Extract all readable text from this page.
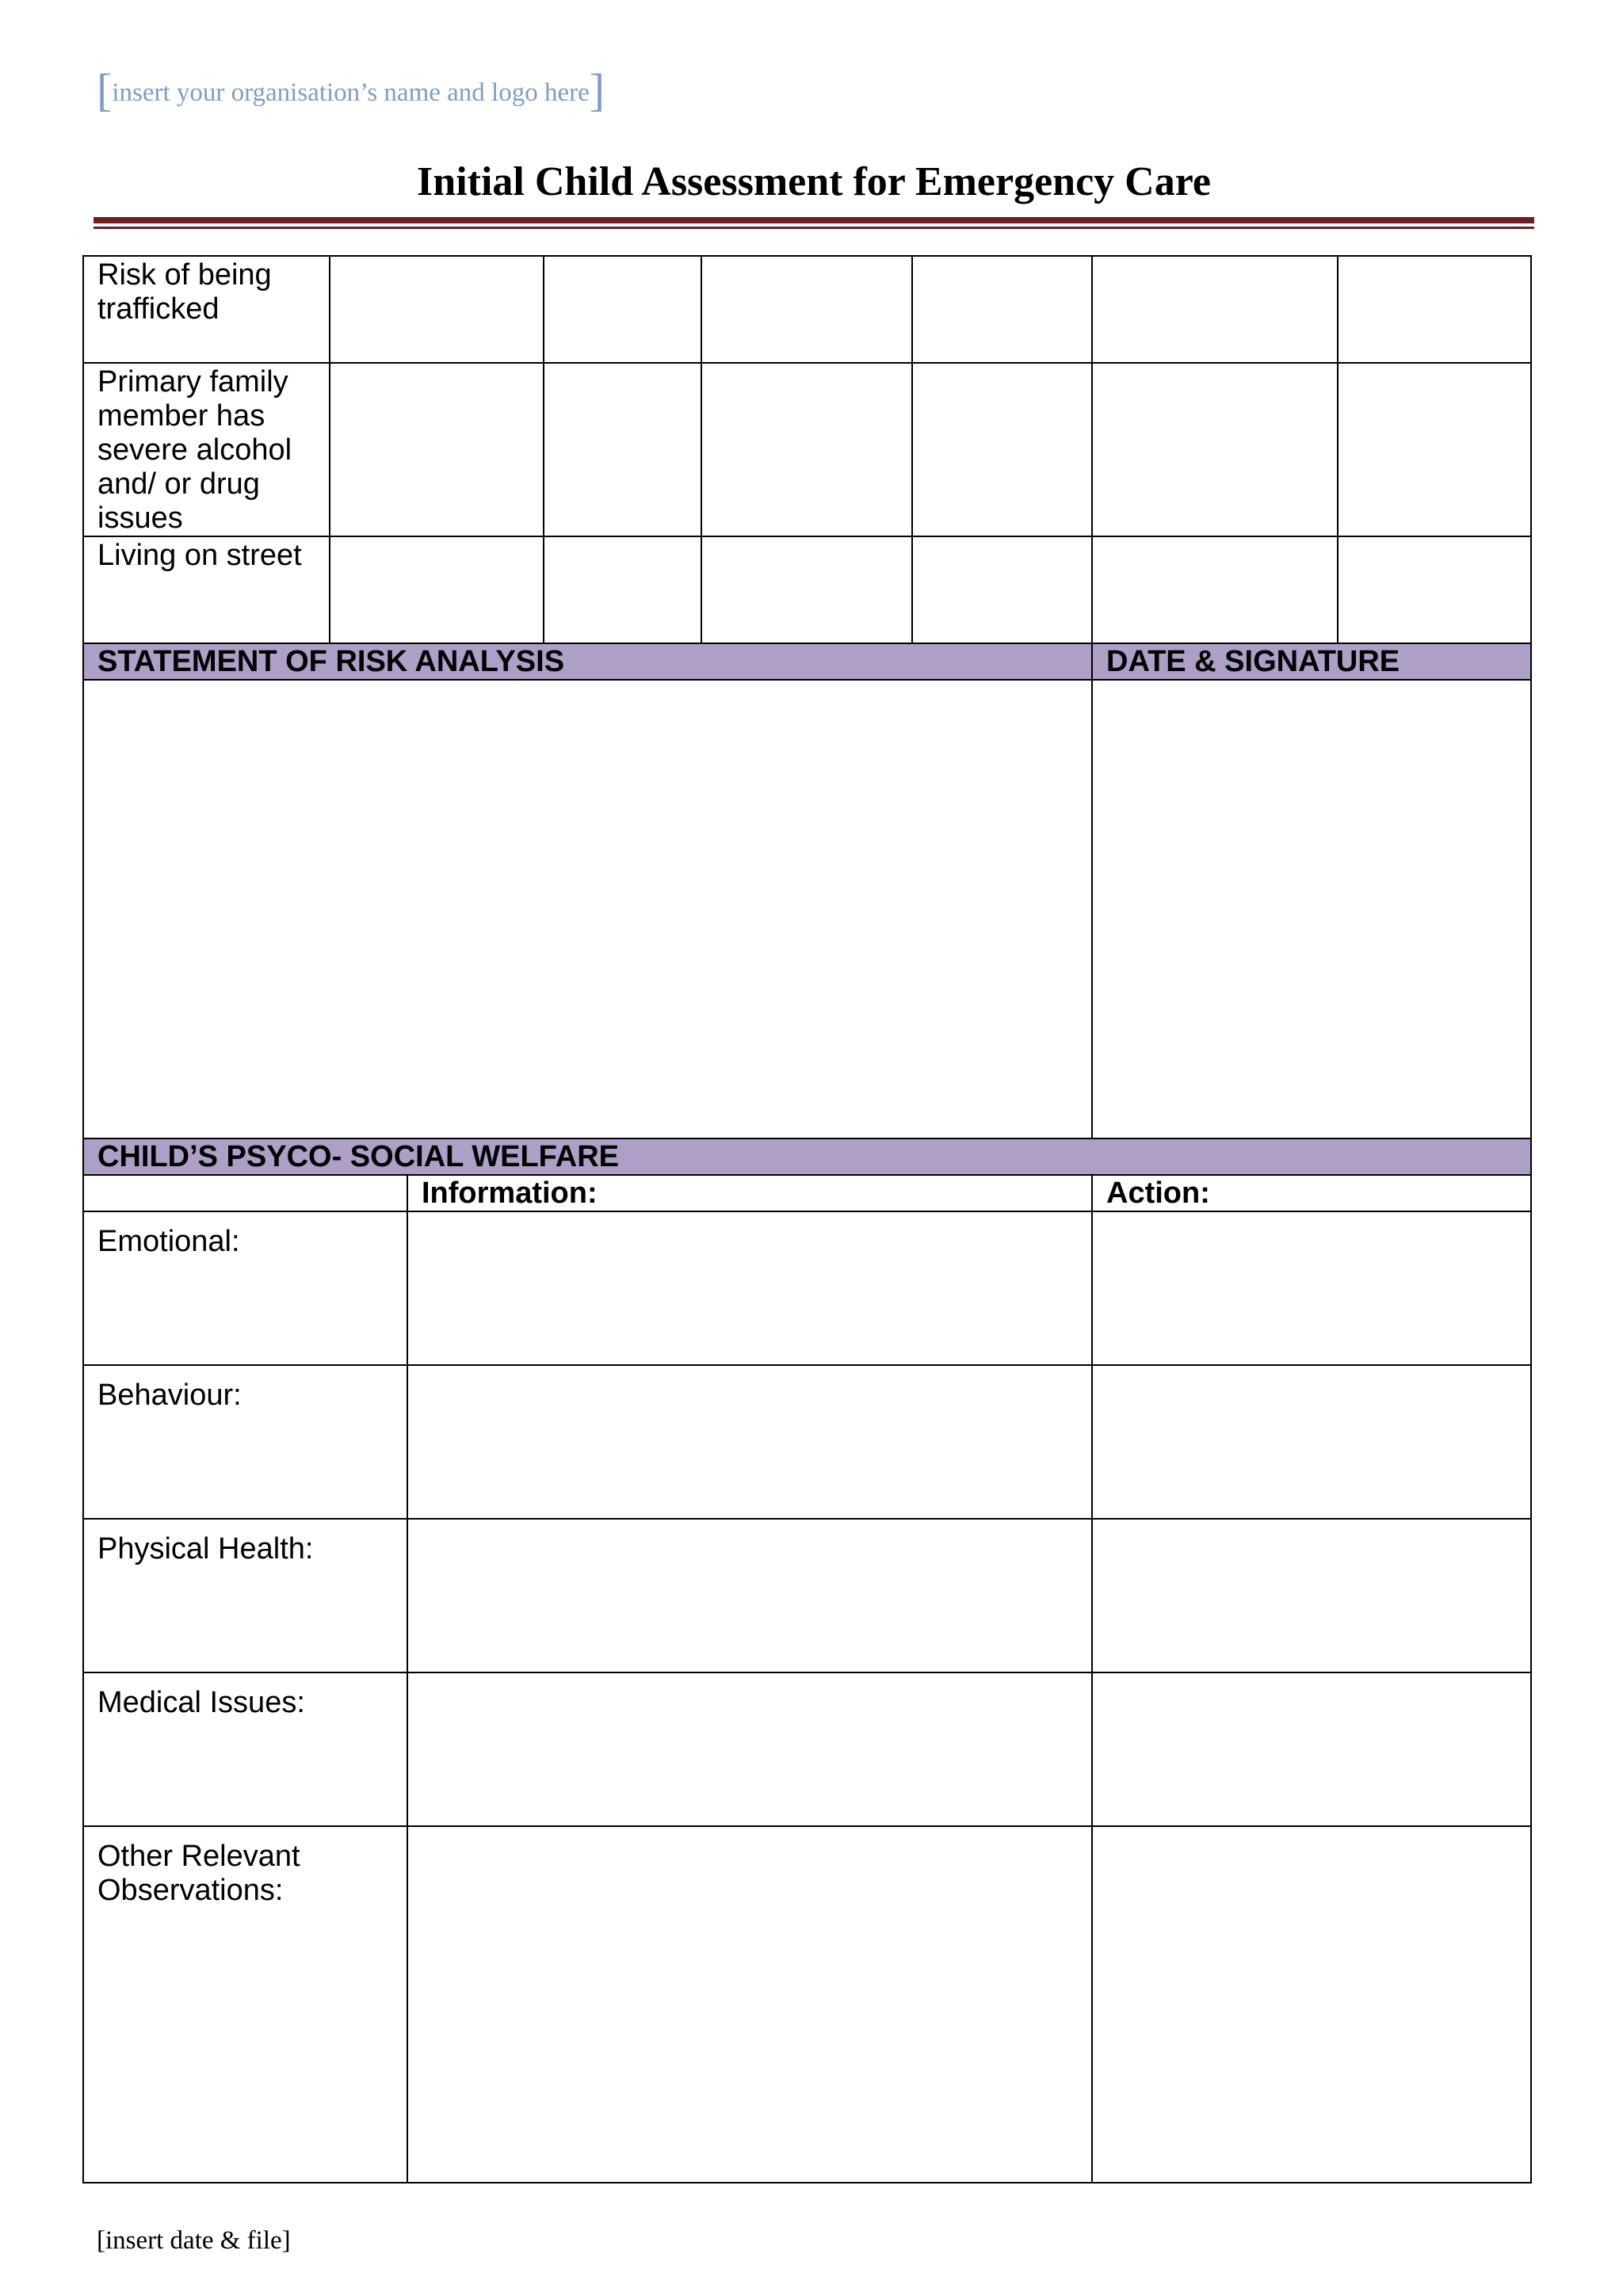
[insert your organisation’s name and logo here]
Initial Child Assessment for Emergency Care
Risk of being trafficked							
Primary family member has severe alcohol and/ or drug issues							
Living on street							
STATEMENT OF RISK ANALYSIS						DATE & SIGNATURE	

CHILD’S PSYCO- SOCIAL WELFARE							
		Information:				Action:	
Emotional:							
Behaviour:							
Physical Health:							
Medical Issues:							
Other Relevant Observations:							
[insert date & file]
